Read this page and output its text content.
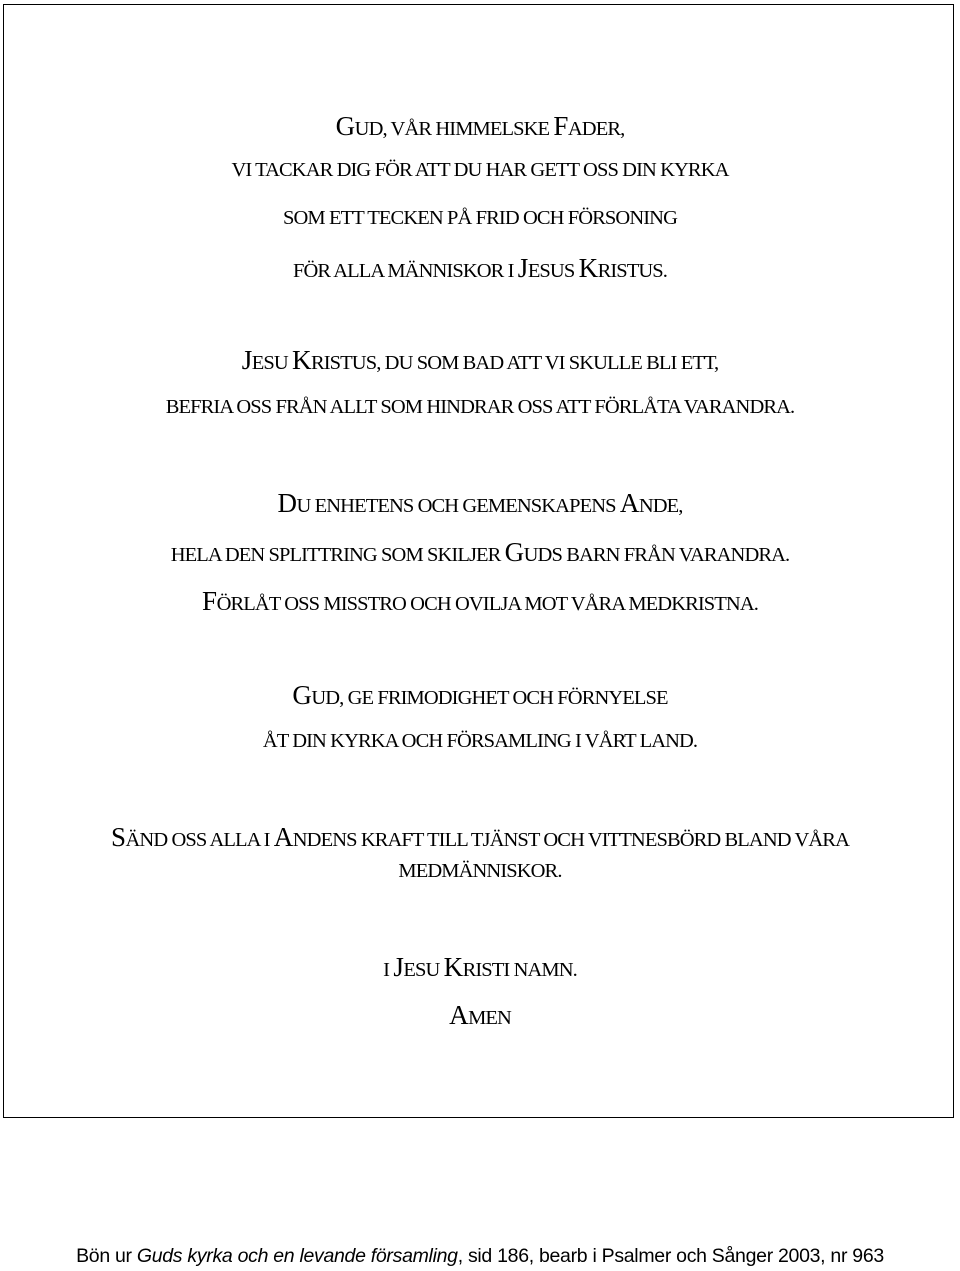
GUD, VÅR HIMMELSKE FADER,
VI TACKAR DIG FÖR ATT DU HAR GETT OSS DIN KYRKA
SOM ETT TECKEN PÅ FRID OCH FÖRSONING
FÖR ALLA MÄNNISKOR I JESUS KRISTUS.
JESU KRISTUS, DU SOM BAD ATT VI SKULLE BLI ETT,
BEFRIA OSS FRÅN ALLT SOM HINDRAR OSS ATT FÖRLÅTA VARANDRA.
DU ENHETENS OCH GEMENSKAPENS ANDE,
HELA DEN SPLITTRING SOM SKILJER GUDS BARN FRÅN VARANDRA.
FÖRLÅT OSS MISSTRO OCH OVILJA MOT VÅRA MEDKRISTNA.
GUD, GE FRIMODIGHET OCH FÖRNYELSE
ÅT DIN KYRKA OCH FÖRSAMLING I VÅRT LAND.
SÄND OSS ALLA I ANDENS KRAFT TILL TJÄNST OCH VITTNESBÖRD BLAND VÅRA
MEDMÄNNISKOR.
I JESU KRISTI NAMN.
AMEN
Bön ur Guds kyrka och en levande församling, sid 186, bearb i Psalmer och Sånger 2003, nr 963
